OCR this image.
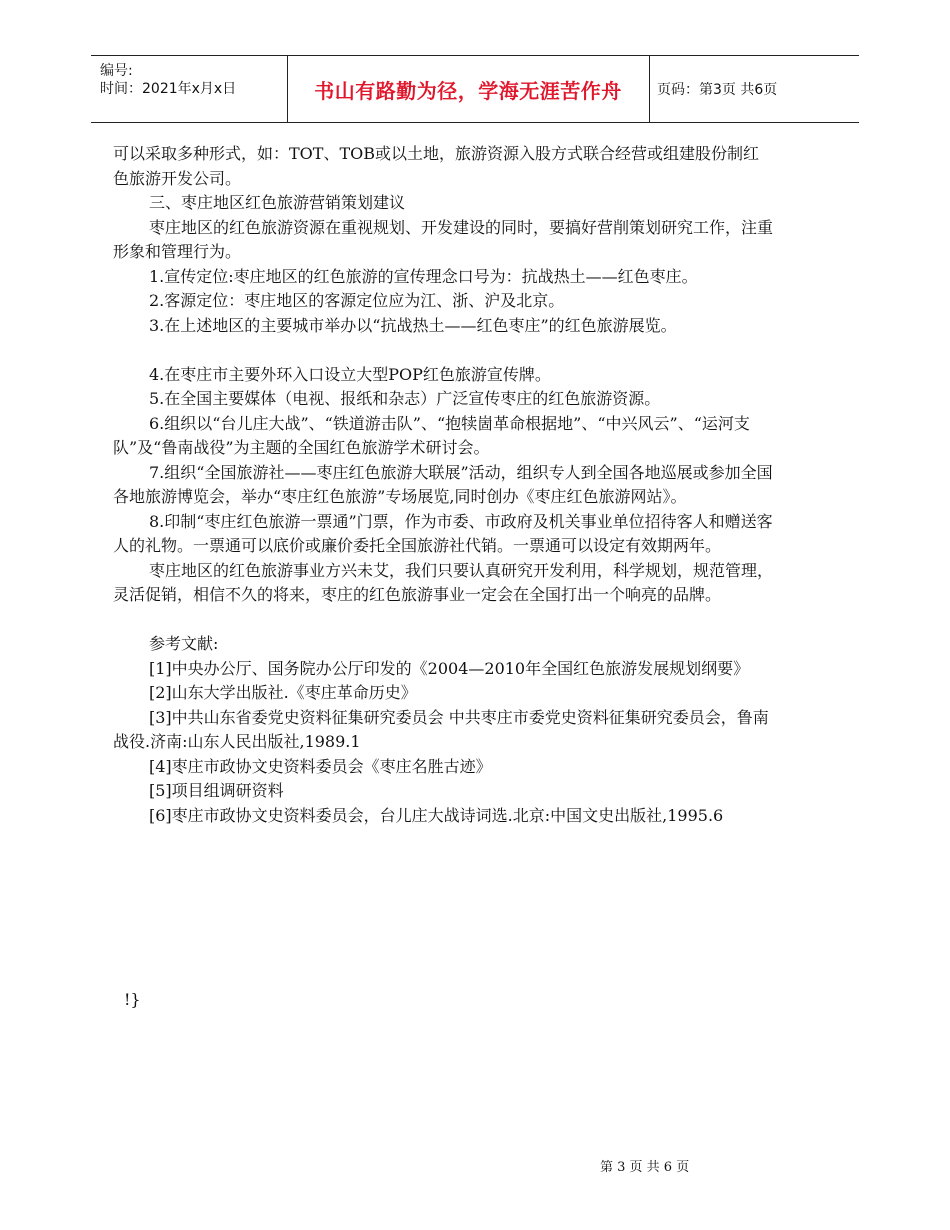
编号:
时间：2021年x月x日	书山有路勤为径，学海无涯苦作舟	页码：第3页 共6页

可以采取多种形式，如：TOT、TOB或以土地，旅游资源入股方式联合经营或组建股份制红色旅游开发公司。

三、枣庄地区红色旅游营销策划建议

枣庄地区的红色旅游资源在重视规划、开发建设的同时，要搞好营削策划研究工作，注重形象和管理行为。

1.宣传定位:枣庄地区的红色旅游的宣传理念口号为：抗战热土——红色枣庄。

2.客源定位：枣庄地区的客源定位应为江、浙、沪及北京。

3.在上述地区的主要城市举办以“抗战热土——红色枣庄”的红色旅游展览。

4.在枣庄市主要外环入口设立大型POP红色旅游宣传牌。

5.在全国主要媒体（电视、报纸和杂志）广泛宣传枣庄的红色旅游资源。

6.组织以“台儿庄大战”、“铁道游击队”、“抱犊崮革命根据地”、“中兴风云”、“运河支队”及“鲁南战役”为主题的全国红色旅游学术研讨会。

7.组织“全国旅游社——枣庄红色旅游大联展”活动，组织专人到全国各地巡展或参加全国各地旅游博览会，举办“枣庄红色旅游”专场展览,同时创办《枣庄红色旅游网站》。

8.印制“枣庄红色旅游一票通”门票，作为市委、市政府及机关事业单位招待客人和赠送客人的礼物。一票通可以底价或廉价委托全国旅游社代销。一票通可以设定有效期两年。

枣庄地区的红色旅游事业方兴未艾，我们只要认真研究开发利用，科学规划，规范管理，灵活促销，相信不久的将来，枣庄的红色旅游事业一定会在全国打出一个响亮的品牌。

参考文献:

[1]中央办公厅、国务院办公厅印发的《2004—2010年全国红色旅游发展规划纲要》

[2]山东大学出版社.《枣庄革命历史》

[3]中共山东省委党史资料征集研究委员会 中共枣庄市委党史资料征集研究委员会，鲁南战役.济南:山东人民出版社,1989.1

[4]枣庄市政协文史资料委员会《枣庄名胜古迹》

[5]项目组调研资料

[6]枣庄市政协文史资料委员会，台儿庄大战诗词选.北京:中国文史出版社,1995.6

!}
第 3 页 共 6 页
